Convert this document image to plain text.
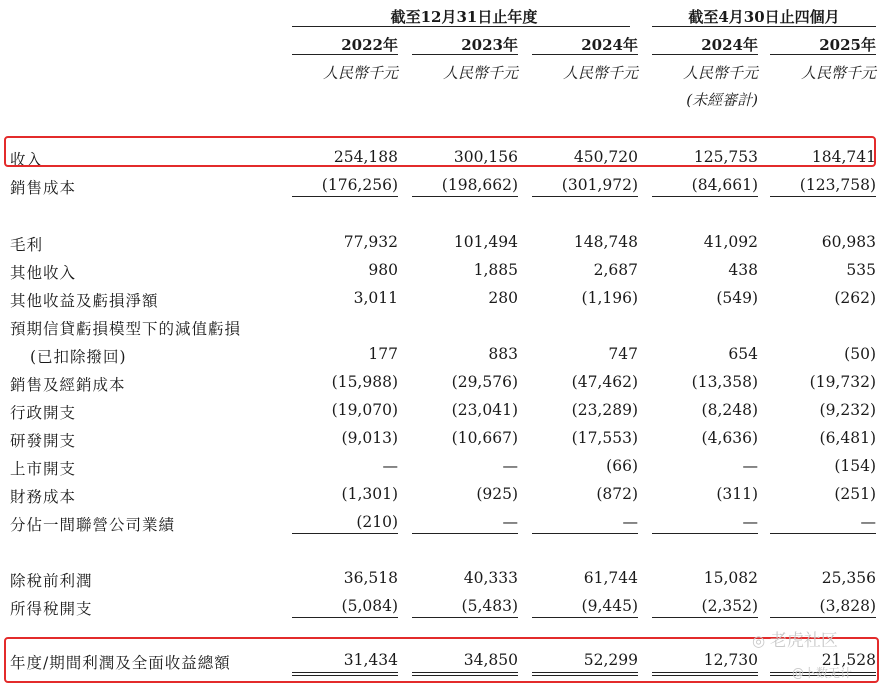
截至12月31日止年度	截至4月30日止四個月
2022年	2023年	2024年	2024年	2025年
人民幣千元	人民幣千元	人民幣千元	人民幣千元	人民幣千元
(未經審計)
收入	254,188	300,156	450,720	125,753	184,741
銷售成本	(176,256)	(198,662)	(301,972)	(84,661)	(123,758)
毛利	77,932	101,494	148,748	41,092	60,983
其他收入	980	1,885	2,687	438	535
其他收益及虧損淨額	3,011	280	(1,196)	(549)	(262)
預期信貸虧損模型下的減值虧損
(已扣除撥回)	177	883	747	654	(50)
銷售及經銷成本	(15,988)	(29,576)	(47,462)	(13,358)	(19,732)
行政開支	(19,070)	(23,041)	(23,289)	(8,248)	(9,232)
研發開支	(9,013)	(10,667)	(17,553)	(4,636)	(6,481)
上市開支	—	—	(66)	—	(154)
財務成本	(1,301)	(925)	(872)	(311)	(251)
分佔一間聯營公司業績	(210)	—	—	—	—
除稅前利潤	36,518	40,333	61,744	15,082	25,356
所得稅開支	(5,084)	(5,483)	(9,445)	(2,352)	(3,828)
年度/期間利潤及全面收益總額	31,434	34,850	52,299	12,730	21,528
◎ 老虎社区
@卜数无计
